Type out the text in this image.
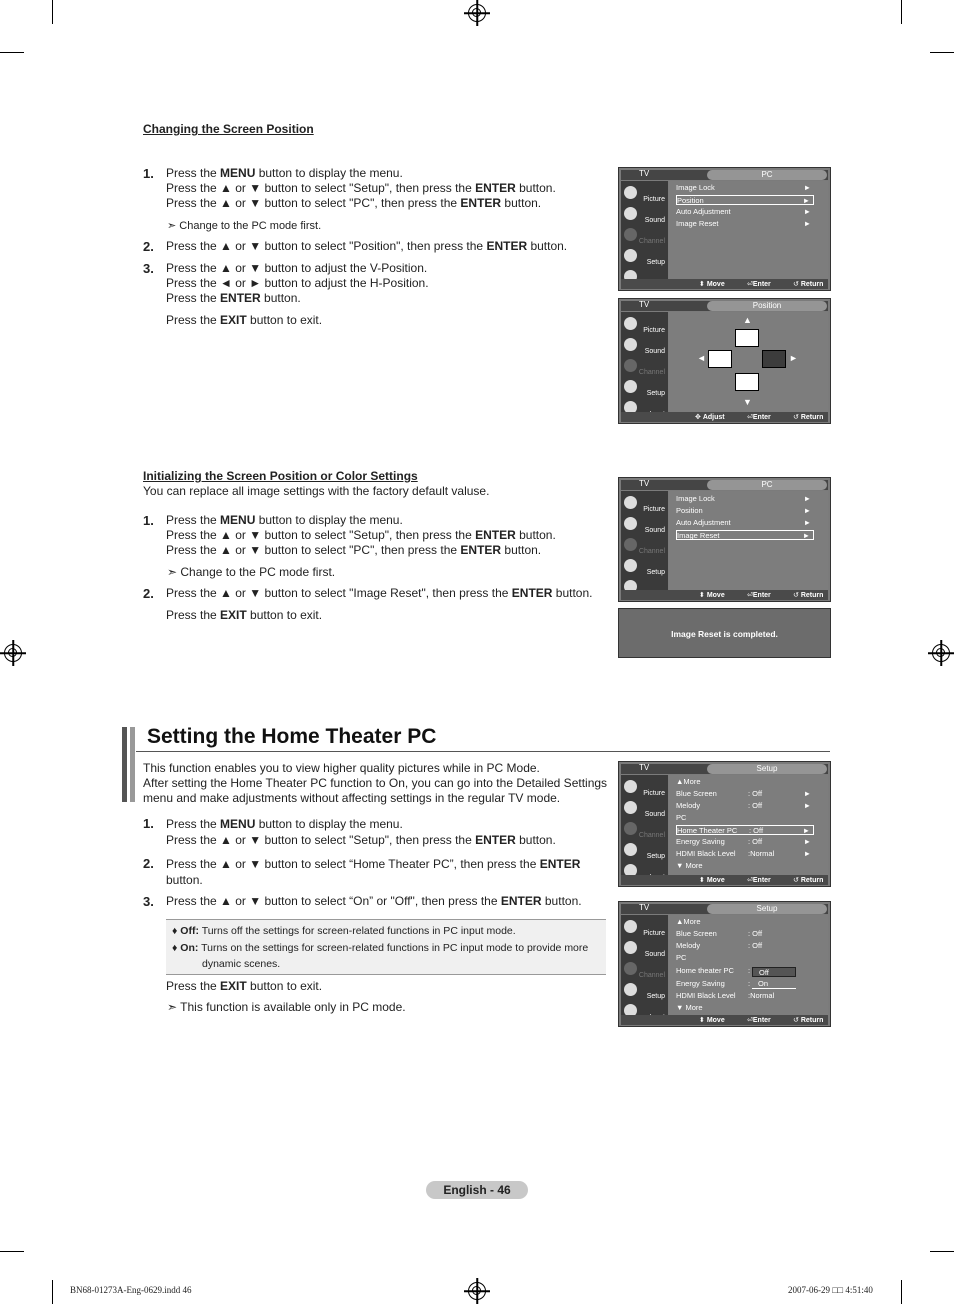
Changing the Screen Position
1. Press the MENU button to display the menu.
Press the ▲ or ▼ button to select "Setup", then press the ENTER button.
Press the ▲ or ▼ button to select "PC", then press the ENTER button.
➣ Change to the PC mode first.
2. Press the ▲ or ▼ button to select "Position", then press the ENTER button.
3. Press the ▲ or ▼ button to adjust the V-Position.
Press the ◄ or ► button to adjust the H-Position.
Press the ENTER button.
Press the EXIT button to exit.
TV	PC
Picture
Sound
Channel
Setup
Image Lock	►
Position	►
Auto Adjustment	►
Image Reset	►
⬍ Move	⏎Enter	↺ Return
TV	Position
Picture
Sound
Channel
Setup
▲
◄	►
▼
✥ Adjust	⏎Enter	↺ Return
Initializing the Screen Position or Color Settings
You can replace all image settings with the factory default valuse.
1. Press the MENU button to display the menu.
Press the ▲ or ▼ button to select "Setup", then press the ENTER button.
Press the ▲ or ▼ button to select "PC", then press the ENTER button.
➣ Change to the PC mode first.
2. Press the ▲ or ▼ button to select "Image Reset", then press the ENTER button.
Press the EXIT button to exit.
TV	PC
Picture
Sound
Channel
Setup
Image Lock	►
Position	►
Auto Adjustment	►
Image Reset	►
⬍ Move	⏎Enter	↺ Return
Image Reset is completed.
Setting the Home Theater PC
This function enables you to view higher quality pictures while in PC Mode.
After setting the Home Theater PC function to On, you can go into the Detailed Settings
menu and make adjustments without affecting settings in the regular TV mode.
1. Press the MENU button to display the menu.
Press the ▲ or ▼ button to select "Setup", then press the ENTER button.
2. Press the ▲ or ▼ button to select “Home Theater PC”, then press the ENTER
button.
3. Press the ▲ or ▼ button to select “On” or "Off", then press the ENTER button.
♦ Off: Turns off the settings for screen-related functions in PC input mode.
♦ On: Turns on the settings for screen-related functions in PC input mode to provide more
dynamic scenes.
Press the EXIT button to exit.
➣ This function is available only in PC mode.
TV	Setup
Picture
Sound
Channel
Setup
▲More
Blue Screen	: Off	►
Melody	: Off	►
PC
Home Theater PC : Off	►
Energy Saving	: Off	►
HDMI Black Level :Normal	►
▼ More
⬍ Move	⏎Enter	↺ Return
TV	Setup
Picture
Sound
Channel
Setup
▲More
Blue Screen	: Off
Melody	: Off
PC
Home theater PC :
Energy Saving	:
HDMI Black Level :Normal
▼ More
Off
On
⬍ Move	⏎Enter	↺ Return
English - 46
BN68-01273A-Eng-0629.indd 46	2007-06-29 □□ 4:51:40
